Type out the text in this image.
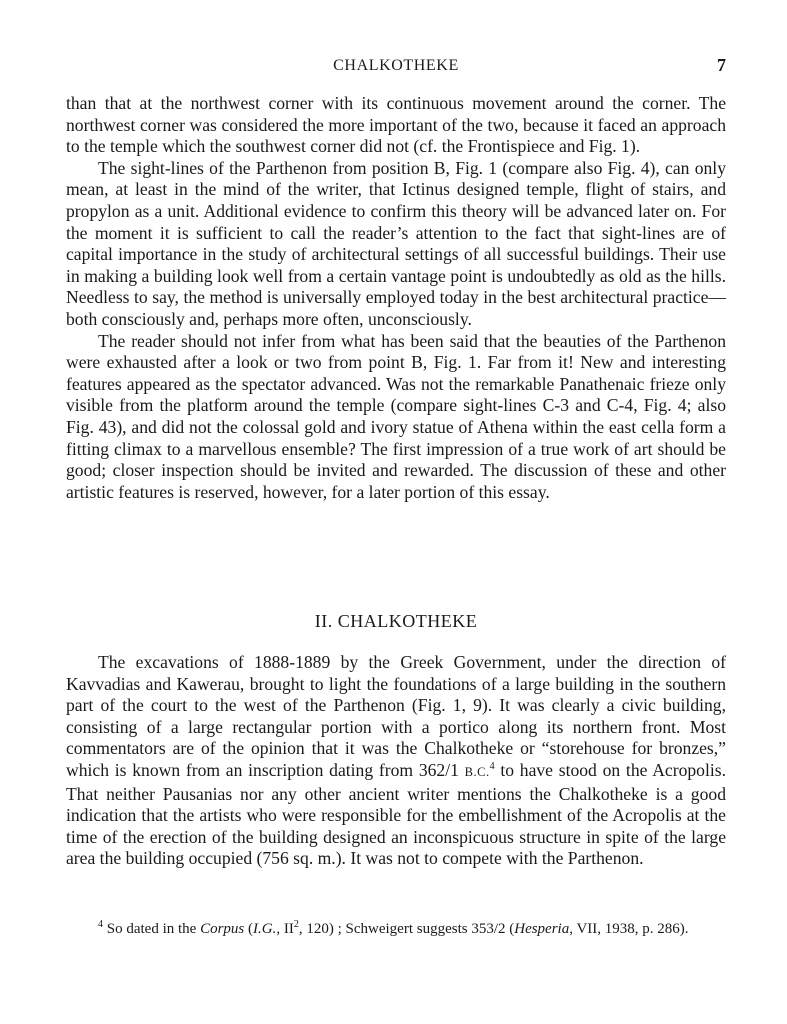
CHALKOTHEKE	7

than that at the northwest corner with its continuous movement around the corner. The northwest corner was considered the more important of the two, because it faced an approach to the temple which the southwest corner did not (cf. the Frontispiece and Fig. 1).

The sight-lines of the Parthenon from position B, Fig. 1 (compare also Fig. 4), can only mean, at least in the mind of the writer, that Ictinus designed temple, flight of stairs, and propylon as a unit. Additional evidence to confirm this theory will be advanced later on. For the moment it is sufficient to call the reader’s attention to the fact that sight-lines are of capital importance in the study of architectural settings of all successful buildings. Their use in making a building look well from a certain vantage point is undoubtedly as old as the hills. Needless to say, the method is universally employed today in the best architectural practice—both consciously and, perhaps more often, unconsciously.

The reader should not infer from what has been said that the beauties of the Parthenon were exhausted after a look or two from point B, Fig. 1. Far from it! New and interesting features appeared as the spectator advanced. Was not the remarkable Panathenaic frieze only visible from the platform around the temple (compare sight-lines C-3 and C-4, Fig. 4; also Fig. 43), and did not the colossal gold and ivory statue of Athena within the east cella form a fitting climax to a marvellous ensemble? The first impression of a true work of art should be good; closer inspection should be invited and rewarded. The discussion of these and other artistic features is reserved, however, for a later portion of this essay.

II. CHALKOTHEKE

The excavations of 1888-1889 by the Greek Government, under the direction of Kavvadias and Kawerau, brought to light the foundations of a large building in the southern part of the court to the west of the Parthenon (Fig. 1, 9). It was clearly a civic building, consisting of a large rectangular portion with a portico along its northern front. Most commentators are of the opinion that it was the Chalkotheke or “storehouse for bronzes,” which is known from an inscription dating from 362/1 B.C.$^4$ to have stood on the Acropolis. That neither Pausanias nor any other ancient writer mentions the Chalkotheke is a good indication that the artists who were responsible for the embellishment of the Acropolis at the time of the erection of the building designed an inconspicuous structure in spite of the large area the building occupied (756 sq. m.). It was not to compete with the Parthenon.

$^4$ So dated in the Corpus (I.G., $II^2$, 120) ; Schweigert suggests 353/2 (Hesperia, VII, 1938, p. 286).
